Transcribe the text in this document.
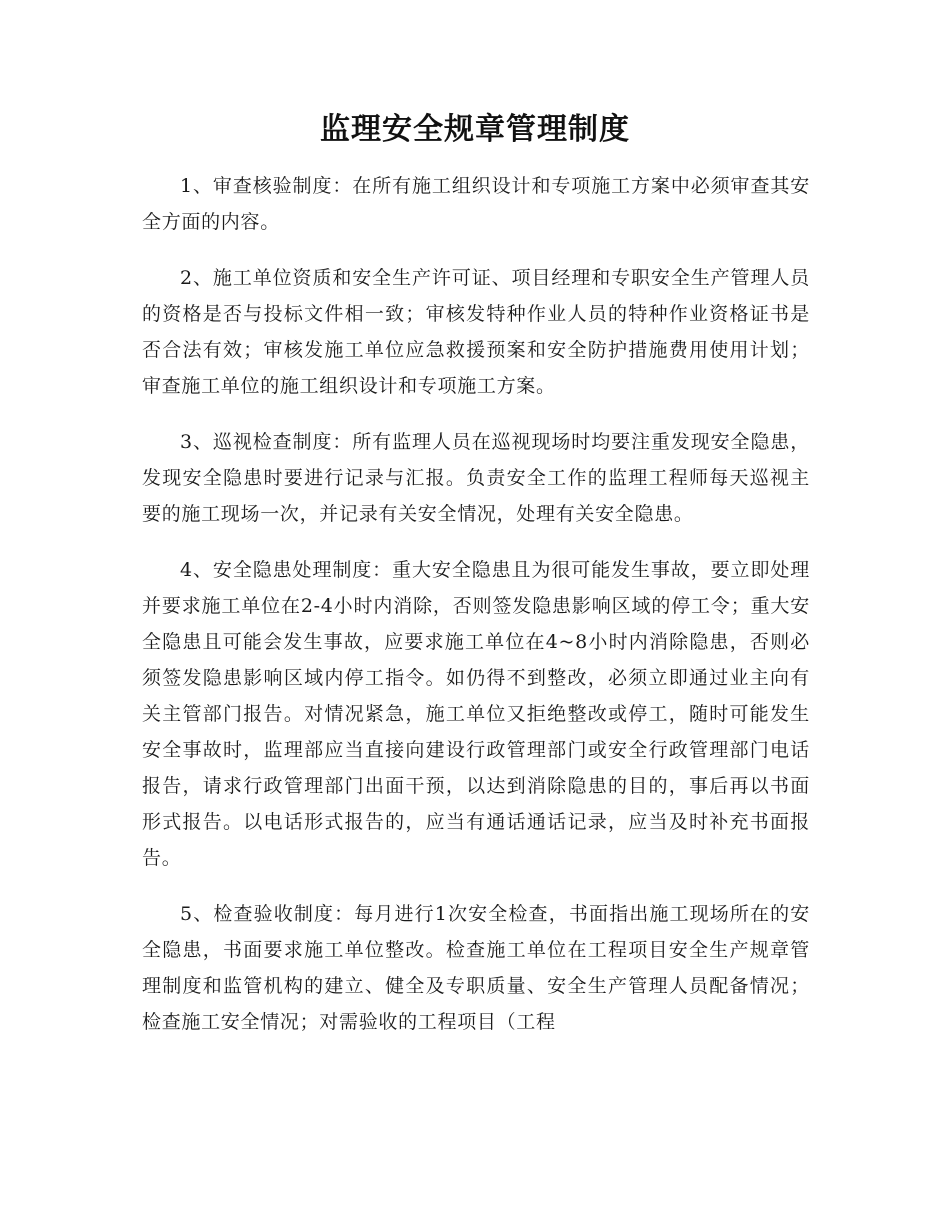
监理安全规章管理制度

1、审查核验制度：在所有施工组织设计和专项施工方案中必须审查其安全方面的内容。

2、施工单位资质和安全生产许可证、项目经理和专职安全生产管理人员的资格是否与投标文件相一致；审核发特种作业人员的特种作业资格证书是否合法有效；审核发施工单位应急救援预案和安全防护措施费用使用计划；审查施工单位的施工组织设计和专项施工方案。

3、巡视检查制度：所有监理人员在巡视现场时均要注重发现安全隐患，发现安全隐患时要进行记录与汇报。负责安全工作的监理工程师每天巡视主要的施工现场一次，并记录有关安全情况，处理有关安全隐患。

4、安全隐患处理制度：重大安全隐患且为很可能发生事故，要立即处理并要求施工单位在2-4小时内消除，否则签发隐患影响区域的停工令；重大安全隐患且可能会发生事故，应要求施工单位在4~8小时内消除隐患，否则必须签发隐患影响区域内停工指令。如仍得不到整改，必须立即通过业主向有关主管部门报告。对情况紧急，施工单位又拒绝整改或停工，随时可能发生安全事故时，监理部应当直接向建设行政管理部门或安全行政管理部门电话报告，请求行政管理部门出面干预，以达到消除隐患的目的，事后再以书面形式报告。以电话形式报告的，应当有通话通话记录，应当及时补充书面报告。

5、检查验收制度：每月进行1次安全检查，书面指出施工现场所在的安全隐患，书面要求施工单位整改。检查施工单位在工程项目安全生产规章管理制度和监管机构的建立、健全及专职质量、安全生产管理人员配备情况；检查施工安全情况；对需验收的工程项目（工程
